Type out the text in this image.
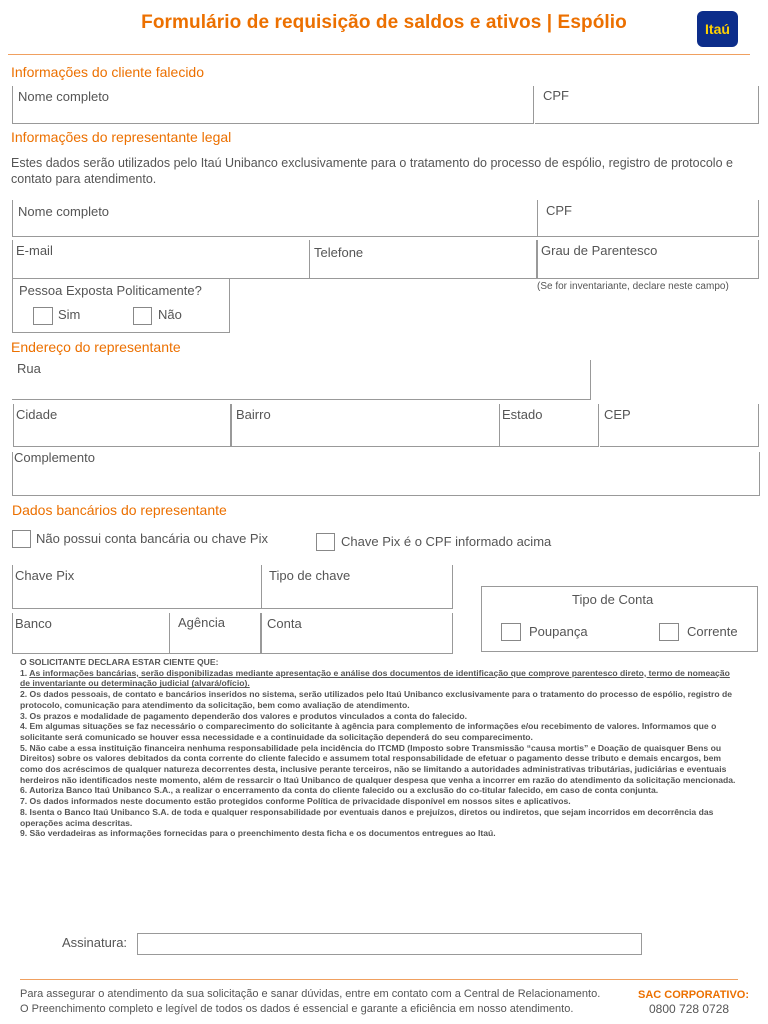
Formulário de requisição de saldos e ativos | Espólio	Itaú
Informações do cliente falecido
Nome completo	CPF
Informações do representante legal
Estes dados serão utilizados pelo Itaú Unibanco exclusivamente para o tratamento do processo de espólio, registro de protocolo e contato para atendimento.
Nome completo	CPF
E-mail	Telefone	Grau de Parentesco
(Se for inventariante, declare neste campo)
Pessoa Exposta Politicamente?
Sim	Não
Endereço do representante
Rua
Cidade	Bairro	Estado	CEP
Complemento
Dados bancários do representante
Não possui conta bancária ou chave Pix	Chave Pix é o CPF informado acima
Chave Pix	Tipo de chave
Banco	Agência	Conta
Tipo de Conta
Poupança	Corrente

O SOLICITANTE DECLARA ESTAR CIENTE QUE:

1. As informações bancárias, serão disponibilizadas mediante apresentação e análise dos documentos de identificação que comprove parentesco direto, termo de nomeação de inventariante ou determinação judicial (alvará/ofício).

2. Os dados pessoais, de contato e bancários inseridos no sistema, serão utilizados pelo Itaú Unibanco exclusivamente para o tratamento do processo de espólio, registro de protocolo, comunicação para atendimento da solicitação, bem como avaliação de atendimento.

3. Os prazos e modalidade de pagamento dependerão dos valores e produtos vinculados a conta do falecido.

4. Em algumas situações se faz necessário o comparecimento do solicitante à agência para complemento de informações e/ou recebimento de valores. Informamos que o solicitante será comunicado se houver essa necessidade e a continuidade da solicitação dependerá do seu comparecimento.

5. Não cabe a essa instituição financeira nenhuma responsabilidade pela incidência do ITCMD (Imposto sobre Transmissão “causa mortis” e Doação de quaisquer Bens ou Direitos) sobre os valores debitados da conta corrente do cliente falecido e assumem total responsabilidade de efetuar o pagamento desse tributo e demais encargos, bem como dos acréscimos de qualquer natureza decorrentes desta, inclusive perante terceiros, não se limitando a autoridades administrativas tributárias, judiciárias e eventuais herdeiros não identificados neste momento, além de ressarcir o Itaú Unibanco de qualquer despesa que venha a incorrer em razão do atendimento da solicitação mencionada.

6. Autoriza Banco Itaú Unibanco S.A., a realizar o encerramento da conta do cliente falecido ou a exclusão do co-titular falecido, em caso de conta conjunta.

7. Os dados informados neste documento estão protegidos conforme Política de privacidade disponível em nossos sites e aplicativos.

8. Isenta o Banco Itaú Unibanco S.A. de toda e qualquer responsabilidade por eventuais danos e prejuízos, diretos ou indiretos, que sejam incorridos em decorrência das operações acima descritas.

9. São verdadeiras as informações fornecidas para o preenchimento desta ficha e os documentos entregues ao Itaú.

Assinatura:
Para assegurar o atendimento da sua solicitação e sanar dúvidas, entre em contato com a Central de Relacionamento.
O Preenchimento completo e legível de todos os dados é essencial e garante a eficiência em nosso atendimento.
SAC CORPORATIVO:
0800 728 0728
